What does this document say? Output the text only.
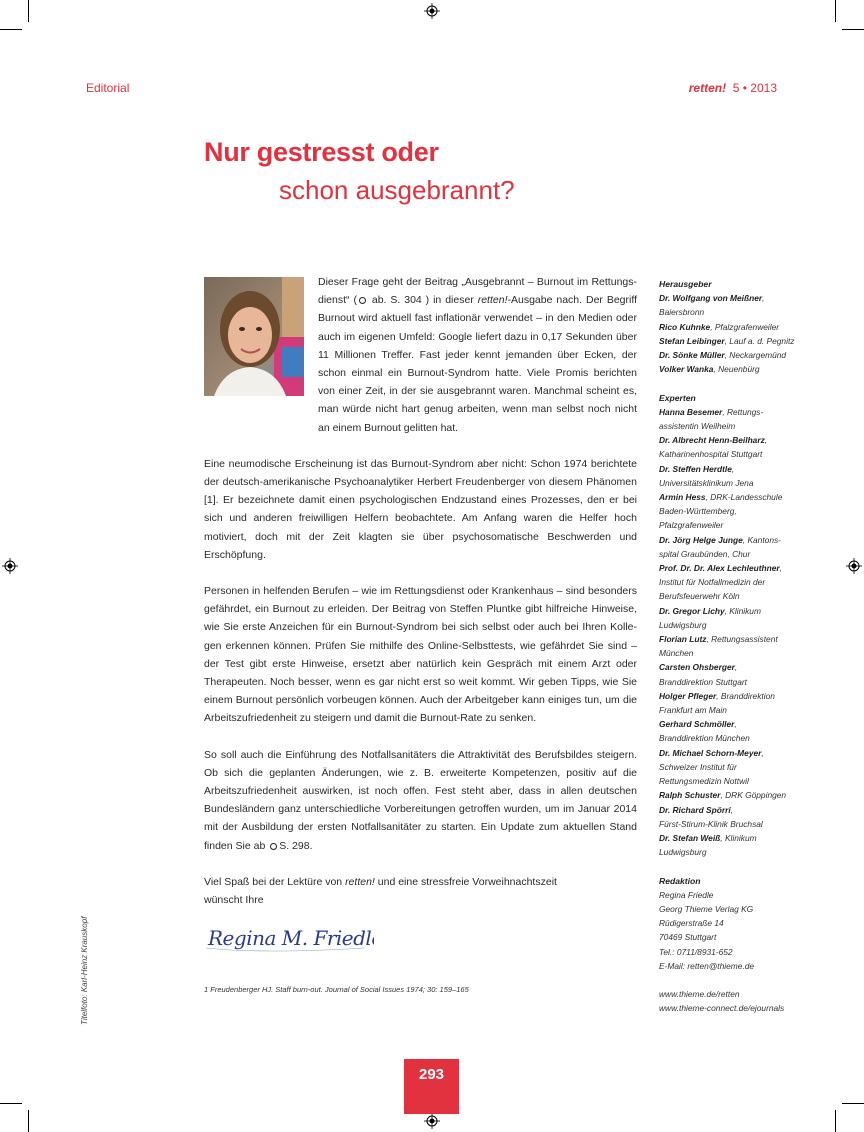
Editorial	retten! 5 • 2013
Nur gestresst oder
schon ausgebrannt?

Dieser Frage geht der Beitrag „Ausgebrannt – Burnout im Rettungsdienst“ ( ab. S. 304 ) in dieser retten!-Ausgabe nach. Der Begriff Burnout wird aktuell fast inflationär verwendet – in den Medien oder auch im eigenen Umfeld: Google liefert dazu in 0,17 Sekunden über 11 Millionen Treffer. Fast jeder kennt jemanden über Ecken, der schon einmal ein Burnout-Syndrom hatte. Viele Promis berichten von einer Zeit, in der sie ausgebrannt waren. Manchmal scheint es, man würde nicht hart genug arbeiten, wenn man selbst noch nicht an einem Burnout gelitten hat.

Eine neumodische Erscheinung ist das Burnout-Syndrom aber nicht: Schon 1974 berichtete der deutsch-amerikanische Psychoanalytiker Herbert Freudenberger von diesem Phänomen [1]. Er bezeichnete damit einen psychologischen Endzustand eines Prozesses, den er bei sich und anderen freiwilligen Helfern beobachtete. Am Anfang waren die Helfer hoch motiviert, doch mit der Zeit klagten sie über psychosomatische Beschwerden und Erschöpfung.

Personen in helfenden Berufen – wie im Rettungsdienst oder Krankenhaus – sind besonders gefährdet, ein Burnout zu erleiden. Der Beitrag von Steffen Pluntke gibt hilfreiche Hinweise, wie Sie erste Anzeichen für ein Burnout-Syndrom bei sich selbst oder auch bei Ihren Kollegen erkennen können. Prüfen Sie mithilfe des Online-Selbsttests, wie gefährdet Sie sind – der Test gibt erste Hinweise, ersetzt aber natürlich kein Gespräch mit einem Arzt oder Therapeuten. Noch besser, wenn es gar nicht erst so weit kommt. Wir geben Tipps, wie Sie einem Burnout persönlich vorbeugen können. Auch der Arbeitgeber kann einiges tun, um die Arbeitszufriedenheit zu steigern und damit die Burnout-Rate zu senken.

So soll auch die Einführung des Notfallsanitäters die Attraktivität des Berufsbildes steigern. Ob sich die geplanten Änderungen, wie z. B. erweiterte Kompetenzen, positiv auf die Arbeitszufriedenheit auswirken, ist noch offen. Fest steht aber, dass in allen deutschen Bundesländern ganz unterschiedliche Vorbereitungen getroffen wurden, um im Januar 2014 mit der Ausbildung der ersten Notfallsanitäter zu starten. Ein Update zum aktuellen Stand finden Sie ab S. 298.

Viel Spaß bei der Lektüre von retten! und eine stressfreie Vorweihnachtszeit
wünscht Ihre

Regina M. Friedle
1 Freudenberger HJ. Staff burn-out. Journal of Social Issues 1974; 30: 159–165
Titelfoto: Karl-Heinz Krauskopf
Herausgeber
Dr. Wolfgang von Meißner,
Baiersbronn
Rico Kuhnke, Pfalzgrafenweiler
Stefan Leibinger, Lauf a. d. Pegnitz
Dr. Sönke Müller, Neckargemünd
Volker Wanka, Neuenbürg
Experten
Hanna Besemer, Rettungs-
assistentin Weilheim
Dr. Albrecht Henn-Beilharz,
Katharinenhospital Stuttgart
Dr. Steffen Herdtle,
Universitätsklinikum Jena
Armin Hess, DRK-Landesschule
Baden-Württemberg,
Pfalzgrafenweiler
Dr. Jörg Helge Junge, Kantons-
spital Graubünden, Chur
Prof. Dr. Dr. Alex Lechleuthner,
Institut für Notfallmedizin der
Berufsfeuerwehr Köln
Dr. Gregor Lichy, Klinikum
Ludwigsburg
Florian Lutz, Rettungsassistent
München
Carsten Ohsberger,
Branddirektion Stuttgart
Holger Pfleger, Branddirektion
Frankfurt am Main
Gerhard Schmöller,
Branddirektion München
Dr. Michael Schorn-Meyer,
Schweizer Institut für
Rettungsmedizin Nottwil
Ralph Schuster, DRK Göppingen
Dr. Richard Spörri,
Fürst-Stirum-Klinik Bruchsal
Dr. Stefan Weiß, Klinikum
Ludwigsburg
Redaktion
Regina Friedle
Georg Thieme Verlag KG
Rüdigerstraße 14
70469 Stuttgart
Tel.: 0711/8931-652
E-Mail: retten@thieme.de
www.thieme.de/retten
www.thieme-connect.de/ejournals
293
